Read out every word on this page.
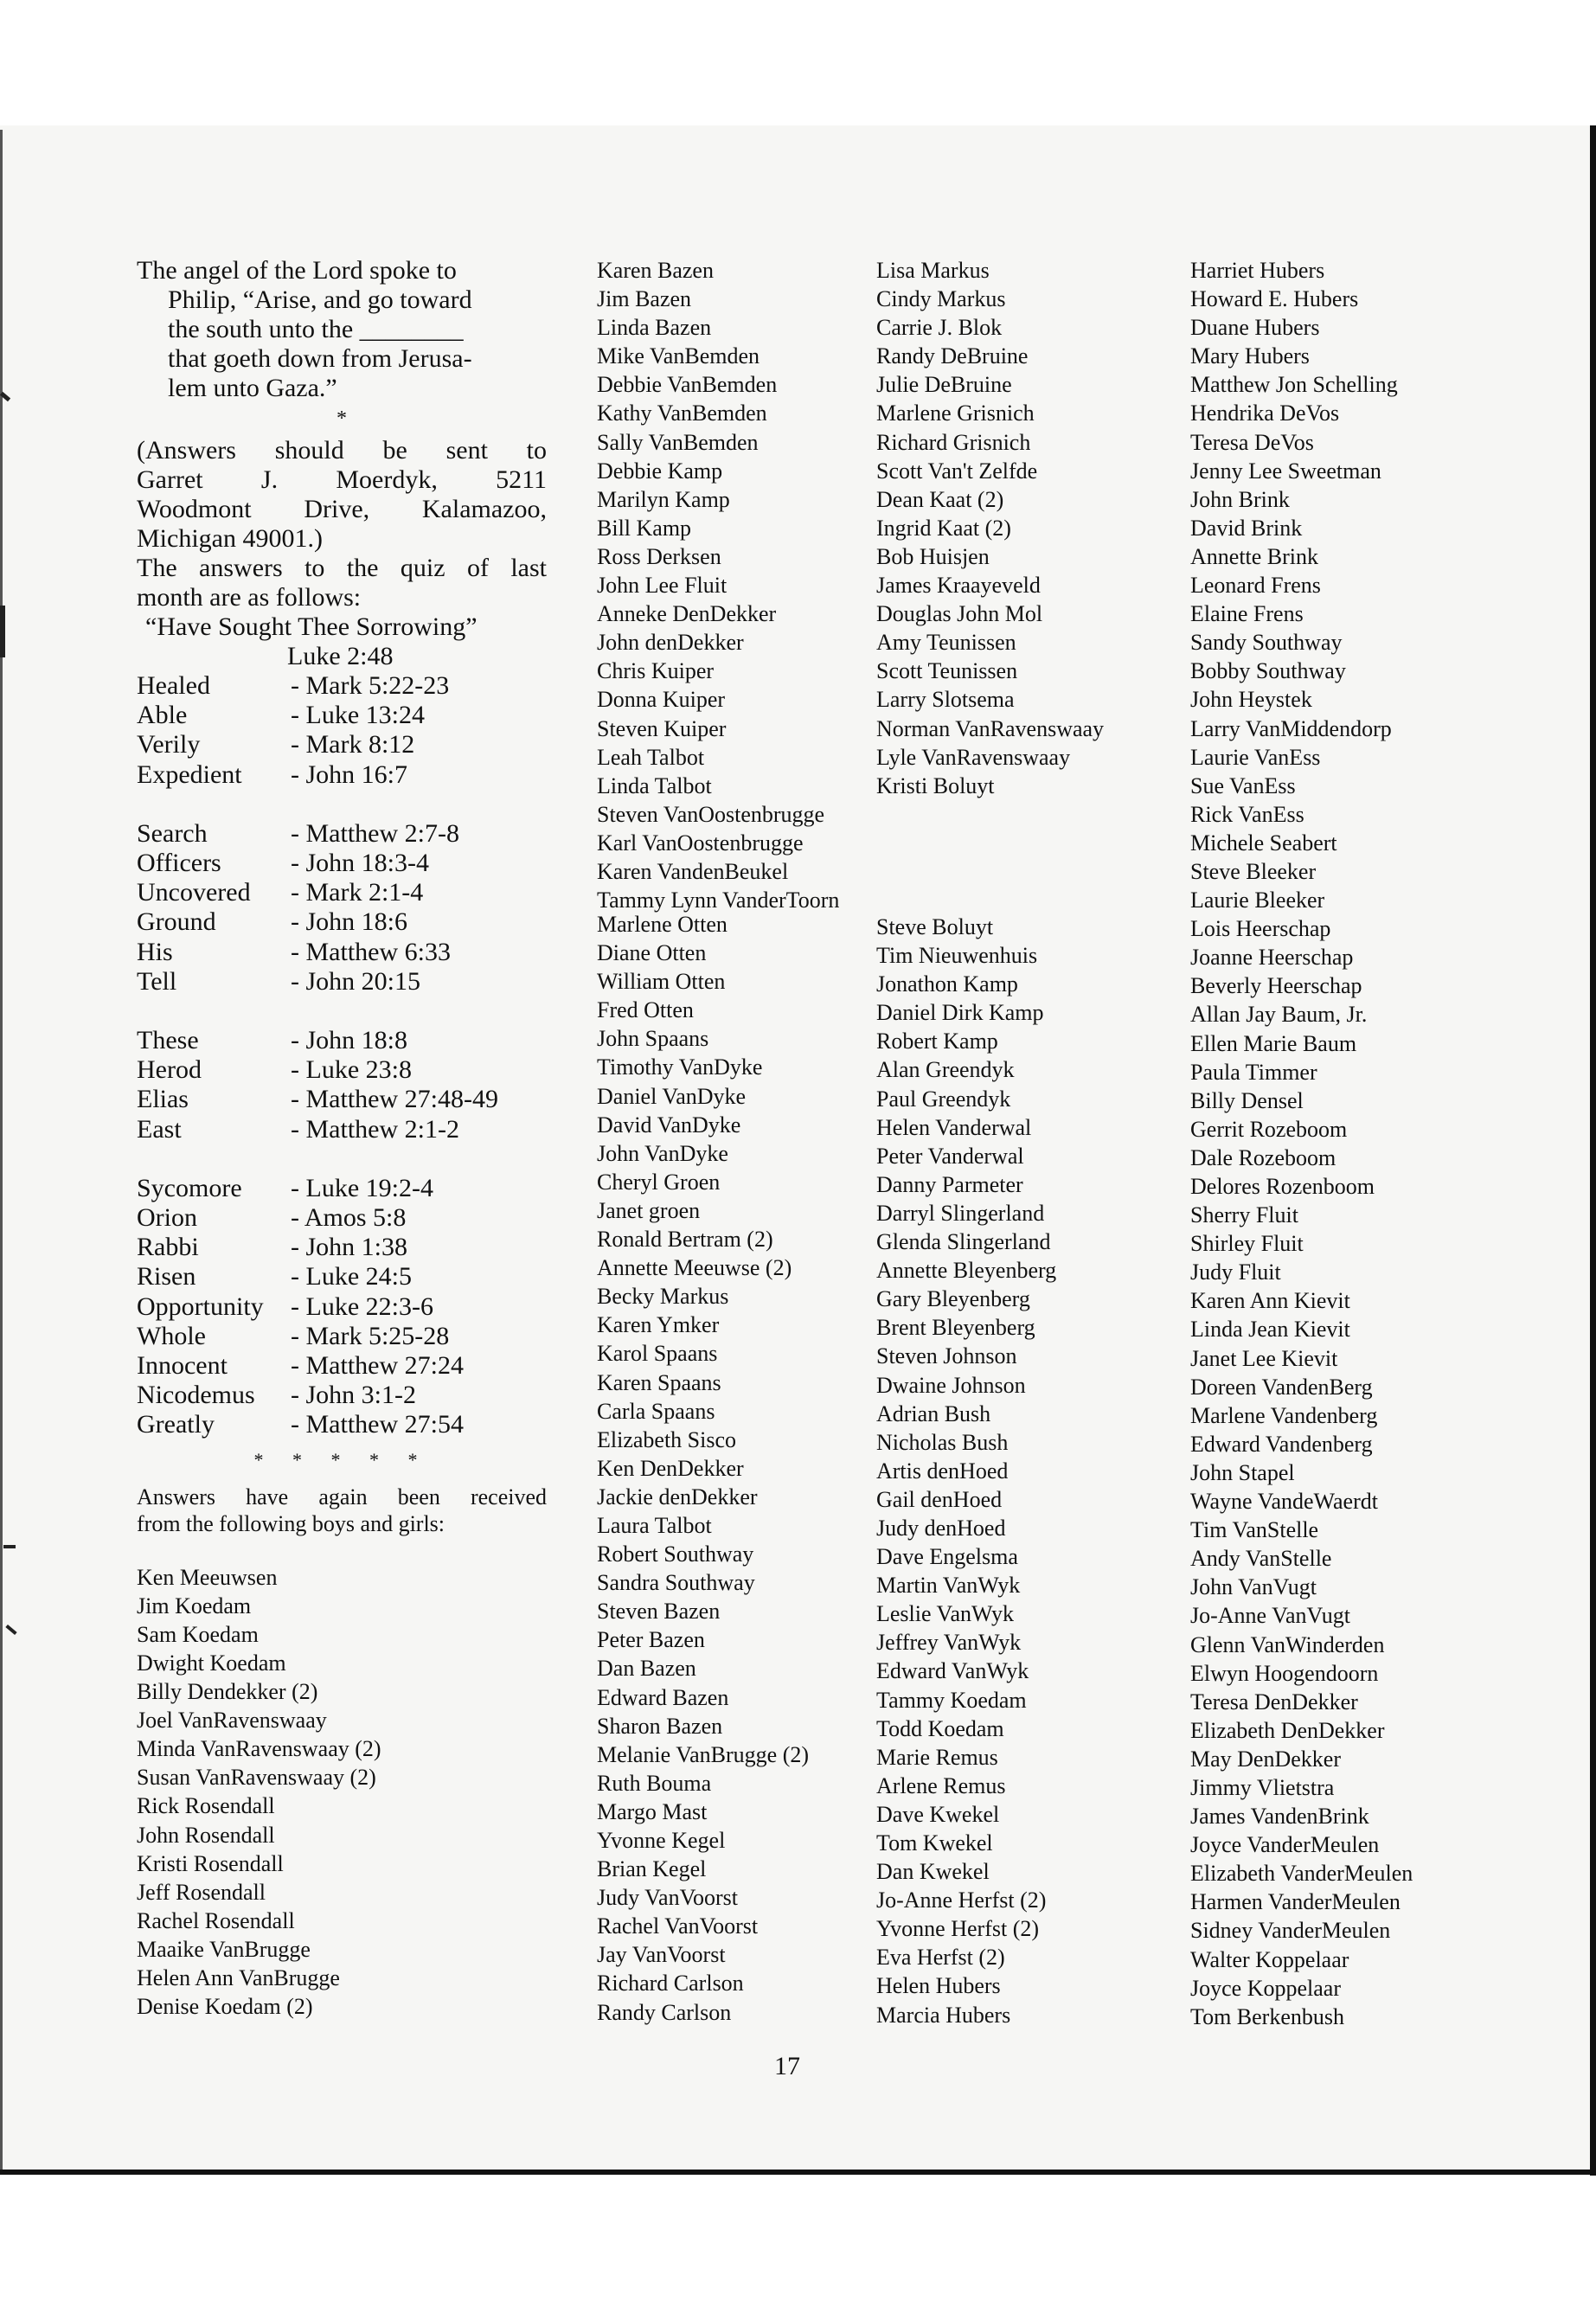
The angel of the Lord spoke to

Philip, “Arise, and go toward

the south unto the ________

that goeth down from Jerusa-

lem unto Gaza.”

*

(Answers should be sent to

Garret J. Moerdyk, 5211

Woodmont Drive, Kalamazoo,

Michigan 49001.)

The answers to the quiz of last

month are as follows:

“Have Sought Thee Sorrowing”

Luke 2:48

Healed	- Mark 5:22-23
Able	- Luke 13:24
Verily	- Mark 8:12
Expedient	- John 16:7
Search	- Matthew 2:7-8
Officers	- John 18:3-4
Uncovered	- Mark 2:1-4
Ground	- John 18:6
His	- Matthew 6:33
Tell	- John 20:15
These	- John 18:8
Herod	- Luke 23:8
Elias	- Matthew 27:48-49
East	- Matthew 2:1-2
Sycomore	- Luke 19:2-4
Orion	- Amos 5:8
Rabbi	- John 1:38
Risen	- Luke 24:5
Opportunity	- Luke 22:3-6
Whole	- Mark 5:25-28
Innocent	- Matthew 27:24
Nicodemus	- John 3:1-2
Greatly	- Matthew 27:54
* * * * *

Answers have again been received

from the following boys and girls:

Ken Meeuwsen
Jim Koedam
Sam Koedam
Dwight Koedam
Billy Dendekker (2)
Joel VanRavenswaay
Minda VanRavenswaay (2)
Susan VanRavenswaay (2)
Rick Rosendall
John Rosendall
Kristi Rosendall
Jeff Rosendall
Rachel Rosendall
Maaike VanBrugge
Helen Ann VanBrugge
Denise Koedam (2)
Karen Bazen
Jim Bazen
Linda Bazen
Mike VanBemden
Debbie VanBemden
Kathy VanBemden
Sally VanBemden
Debbie Kamp
Marilyn Kamp
Bill Kamp
Ross Derksen
John Lee Fluit
Anneke DenDekker
John denDekker
Chris Kuiper
Donna Kuiper
Steven Kuiper
Leah Talbot
Linda Talbot
Steven VanOostenbrugge
Karl VanOostenbrugge
Karen VandenBeukel
Tammy Lynn VanderToorn
Marlene Otten
Diane Otten
William Otten
Fred Otten
John Spaans
Timothy VanDyke
Daniel VanDyke
David VanDyke
John VanDyke
Cheryl Groen
Janet groen
Ronald Bertram (2)
Annette Meeuwse (2)
Becky Markus
Karen Ymker
Karol Spaans
Karen Spaans
Carla Spaans
Elizabeth Sisco
Ken DenDekker
Jackie denDekker
Laura Talbot
Robert Southway
Sandra Southway
Steven Bazen
Peter Bazen
Dan Bazen
Edward Bazen
Sharon Bazen
Melanie VanBrugge (2)
Ruth Bouma
Margo Mast
Yvonne Kegel
Brian Kegel
Judy VanVoorst
Rachel VanVoorst
Jay VanVoorst
Richard Carlson
Randy Carlson
Lisa Markus
Cindy Markus
Carrie J. Blok
Randy DeBruine
Julie DeBruine
Marlene Grisnich
Richard Grisnich
Scott Van't Zelfde
Dean Kaat (2)
Ingrid Kaat (2)
Bob Huisjen
James Kraayeveld
Douglas John Mol
Amy Teunissen
Scott Teunissen
Larry Slotsema
Norman VanRavenswaay
Lyle VanRavenswaay
Kristi Boluyt
Steve Boluyt
Tim Nieuwenhuis
Jonathon Kamp
Daniel Dirk Kamp
Robert Kamp
Alan Greendyk
Paul Greendyk
Helen Vanderwal
Peter Vanderwal
Danny Parmeter
Darryl Slingerland
Glenda Slingerland
Annette Bleyenberg
Gary Bleyenberg
Brent Bleyenberg
Steven Johnson
Dwaine Johnson
Adrian Bush
Nicholas Bush
Artis denHoed
Gail denHoed
Judy denHoed
Dave Engelsma
Martin VanWyk
Leslie VanWyk
Jeffrey VanWyk
Edward VanWyk
Tammy Koedam
Todd Koedam
Marie Remus
Arlene Remus
Dave Kwekel
Tom Kwekel
Dan Kwekel
Jo-Anne Herfst (2)
Yvonne Herfst (2)
Eva Herfst (2)
Helen Hubers
Marcia Hubers
Harriet Hubers
Howard E. Hubers
Duane Hubers
Mary Hubers
Matthew Jon Schelling
Hendrika DeVos
Teresa DeVos
Jenny Lee Sweetman
John Brink
David Brink
Annette Brink
Leonard Frens
Elaine Frens
Sandy Southway
Bobby Southway
John Heystek
Larry VanMiddendorp
Laurie VanEss
Sue VanEss
Rick VanEss
Michele Seabert
Steve Bleeker
Laurie Bleeker
Lois Heerschap
Joanne Heerschap
Beverly Heerschap
Allan Jay Baum, Jr.
Ellen Marie Baum
Paula Timmer
Billy Densel
Gerrit Rozeboom
Dale Rozeboom
Delores Rozenboom
Sherry Fluit
Shirley Fluit
Judy Fluit
Karen Ann Kievit
Linda Jean Kievit
Janet Lee Kievit
Doreen VandenBerg
Marlene Vandenberg
Edward Vandenberg
John Stapel
Wayne VandeWaerdt
Tim VanStelle
Andy VanStelle
John VanVugt
Jo-Anne VanVugt
Glenn VanWinderden
Elwyn Hoogendoorn
Teresa DenDekker
Elizabeth DenDekker
May DenDekker
Jimmy Vlietstra
James VandenBrink
Joyce VanderMeulen
Elizabeth VanderMeulen
Harmen VanderMeulen
Sidney VanderMeulen
Walter Koppelaar
Joyce Koppelaar
Tom Berkenbush
17
